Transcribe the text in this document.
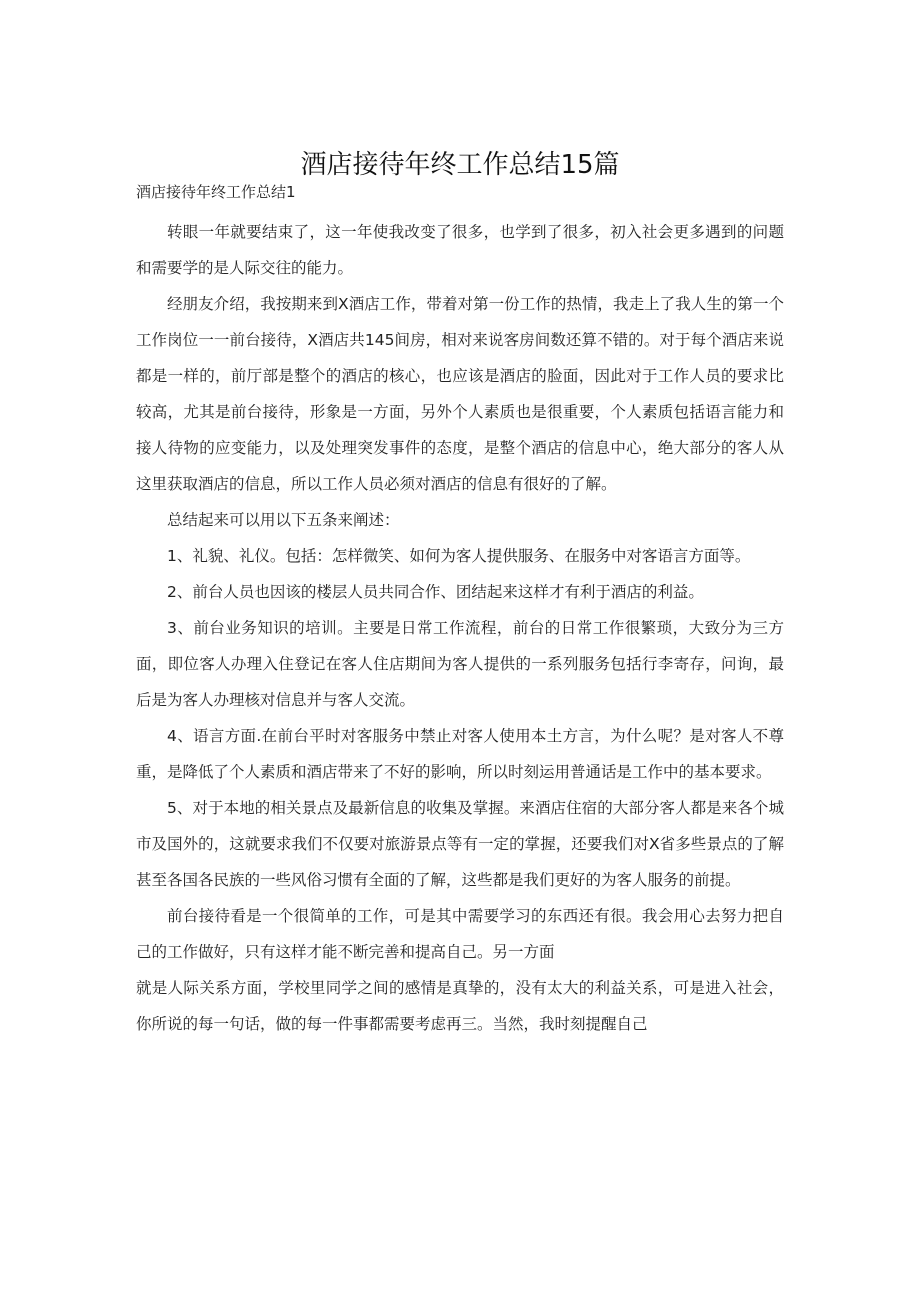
酒店接待年终工作总结15篇
酒店接待年终工作总结1

转眼一年就要结束了，这一年使我改变了很多，也学到了很多，初入社会更多遇到的问题和需要学的是人际交往的能力。

经朋友介绍，我按期来到X酒店工作，带着对第一份工作的热情，我走上了我人生的第一个工作岗位一一前台接待，X酒店共145间房，相对来说客房间数还算不错的。对于每个酒店来说都是一样的，前厅部是整个的酒店的核心，也应该是酒店的脸面，因此对于工作人员的要求比较高，尤其是前台接待，形象是一方面，另外个人素质也是很重要，个人素质包括语言能力和接人待物的应变能力，以及处理突发事件的态度，是整个酒店的信息中心，绝大部分的客人从这里获取酒店的信息，所以工作人员必须对酒店的信息有很好的了解。

总结起来可以用以下五条来阐述：

1、礼貌、礼仪。包括：怎样微笑、如何为客人提供服务、在服务中对客语言方面等。

2、前台人员也因该的楼层人员共同合作、团结起来这样才有利于酒店的利益。

3、前台业务知识的培训。主要是日常工作流程，前台的日常工作很繁琐，大致分为三方面，即位客人办理入住登记在客人住店期间为客人提供的一系列服务包括行李寄存，问询，最后是为客人办理核对信息并与客人交流。

4、语言方面.在前台平时对客服务中禁止对客人使用本土方言，为什么呢？是对客人不尊重，是降低了个人素质和酒店带来了不好的影响，所以时刻运用普通话是工作中的基本要求。

5、对于本地的相关景点及最新信息的收集及掌握。来酒店住宿的大部分客人都是来各个城市及国外的，这就要求我们不仅要对旅游景点等有一定的掌握，还要我们对X省多些景点的了解甚至各国各民族的一些风俗习惯有全面的了解，这些都是我们更好的为客人服务的前提。

前台接待看是一个很简单的工作，可是其中需要学习的东西还有很。我会用心去努力把自己的工作做好，只有这样才能不断完善和提高自己。另一方面

就是人际关系方面，学校里同学之间的感情是真挚的，没有太大的利益关系，可是进入社会，你所说的每一句话，做的每一件事都需要考虑再三。当然，我时刻提醒自己
